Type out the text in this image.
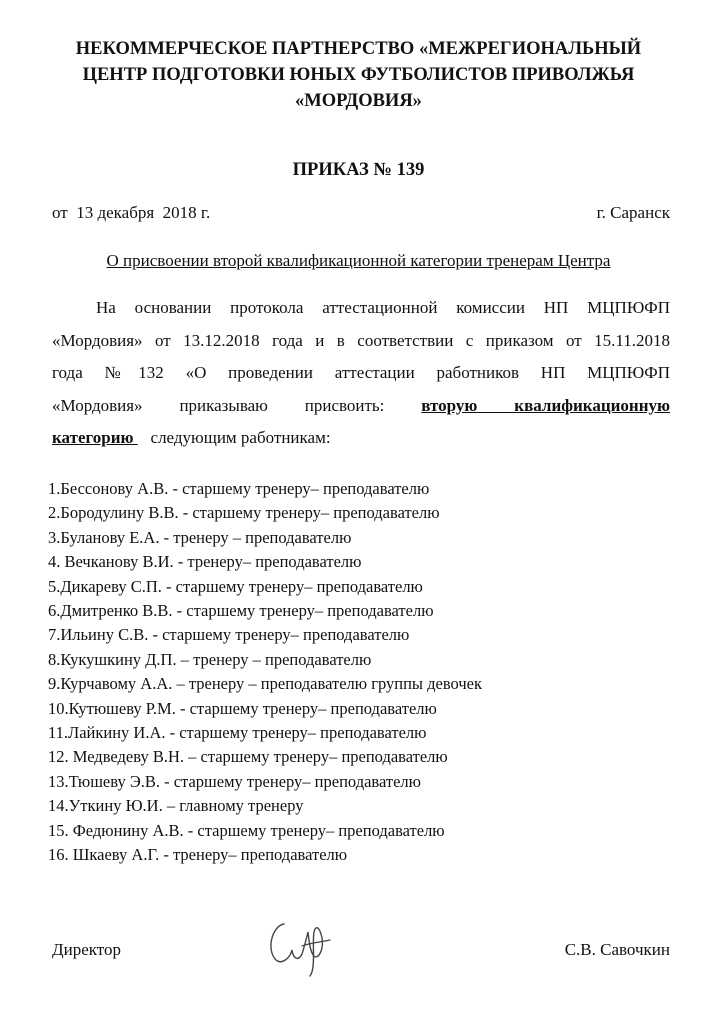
НЕКОММЕРЧЕСКОЕ ПАРТНЕРСТВО «МЕЖРЕГИОНАЛЬНЫЙ
ЦЕНТР ПОДГОТОВКИ ЮНЫХ ФУТБОЛИСТОВ ПРИВОЛЖЬЯ
«МОРДОВИЯ»
ПРИКАЗ № 139
от  13 декабря  2018 г.	г. Саранск
О присвоении второй квалификационной категории тренерам Центра
На основании протокола аттестационной комиссии НП МЦПЮФП
«Мордовия» от 13.12.2018 года и в соответствии с приказом от 15.11.2018
года №132 «О проведении аттестации работников НП МЦПЮФП
«Мордовия» приказываю присвоить: вторую квалификационную
категорию    следующим работникам:
1.Бессонову А.В. - старшему тренеру– преподавателю
2.Бородулину В.В. - старшему тренеру– преподавателю
3.Буланову Е.А. - тренеру – преподавателю
4. Вечканову В.И. - тренеру– преподавателю
5.Дикареву С.П. - старшему тренеру– преподавателю
6.Дмитренко В.В. - старшему тренеру– преподавателю
7.Ильину С.В. - старшему тренеру– преподавателю
8.Кукушкину Д.П. – тренеру – преподавателю
9.Курчавому А.А. – тренеру – преподавателю группы девочек
10.Кутюшеву Р.М. - старшему тренеру– преподавателю
11.Лайкину И.А. - старшему тренеру– преподавателю
12. Медведеву В.Н. – старшему тренеру– преподавателю
13.Тюшеву Э.В. - старшему тренеру– преподавателю
14.Уткину Ю.И. – главному тренеру
15. Федюнину А.В. - старшему тренеру– преподавателю
16. Шкаеву А.Г. - тренеру– преподавателю
Директор	С.В. Савочкин
